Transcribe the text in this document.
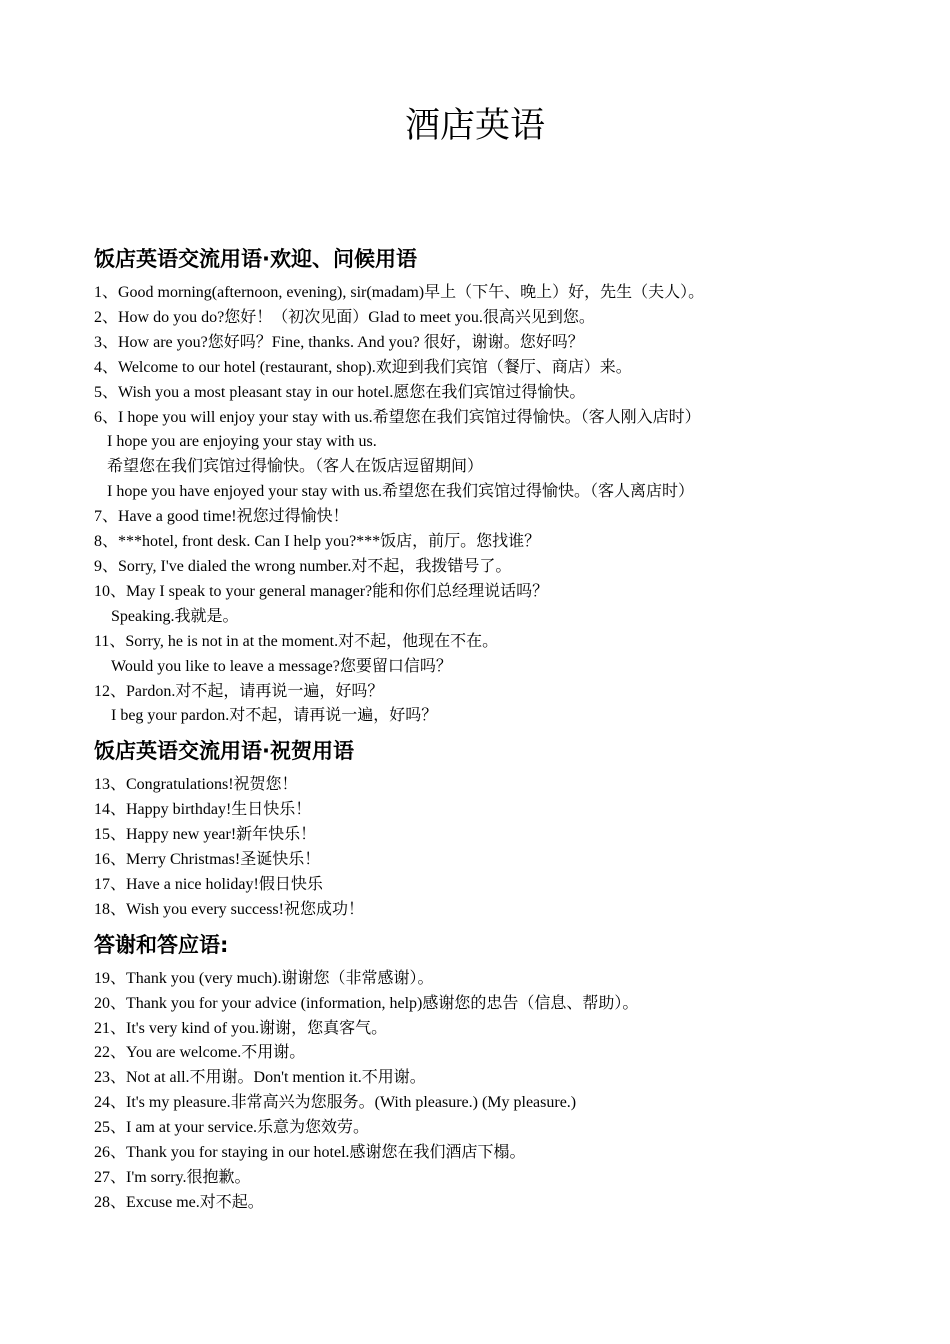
酒店英语
饭店英语交流用语·欢迎、问候用语
1、Good morning(afternoon, evening), sir(madam)早上（下午、晚上）好，先生（夫人）。
2、How do you do?您好！（初次见面）Glad to meet you.很高兴见到您。
3、How are you?您好吗？Fine, thanks. And you? 很好，谢谢。您好吗？
4、Welcome to our hotel (restaurant, shop).欢迎到我们宾馆（餐厅、商店）来。
5、Wish you a most pleasant stay in our hotel.愿您在我们宾馆过得愉快。
6、I hope you will enjoy your stay with us.希望您在我们宾馆过得愉快。（客人刚入店时）
I hope you are enjoying your stay with us.
希望您在我们宾馆过得愉快。（客人在饭店逗留期间）
I hope you have enjoyed your stay with us.希望您在我们宾馆过得愉快。（客人离店时）
7、Have a good time!祝您过得愉快！
8、***hotel, front desk. Can I help you?***饭店，前厅。您找谁？
9、Sorry, I've dialed the wrong number.对不起，我拨错号了。
10、May I speak to your general manager?能和你们总经理说话吗？
Speaking.我就是。
11、Sorry, he is not in at the moment.对不起，他现在不在。
Would you like to leave a message?您要留口信吗？
12、Pardon.对不起，请再说一遍，好吗？
I beg your pardon.对不起，请再说一遍，好吗？
饭店英语交流用语·祝贺用语
13、Congratulations!祝贺您！
14、Happy birthday!生日快乐！
15、Happy new year!新年快乐！
16、Merry Christmas!圣诞快乐！
17、Have a nice holiday!假日快乐
18、Wish you every success!祝您成功！
答谢和答应语:
19、Thank you (very much).谢谢您（非常感谢）。
20、Thank you for your advice (information, help)感谢您的忠告（信息、帮助）。
21、It's very kind of you.谢谢，您真客气。
22、You are welcome.不用谢。
23、Not at all.不用谢。Don't mention it.不用谢。
24、It's my pleasure.非常高兴为您服务。(With pleasure.) (My pleasure.)
25、I am at your service.乐意为您效劳。
26、Thank you for staying in our hotel.感谢您在我们酒店下榻。
27、I'm sorry.很抱歉。
28、Excuse me.对不起。
